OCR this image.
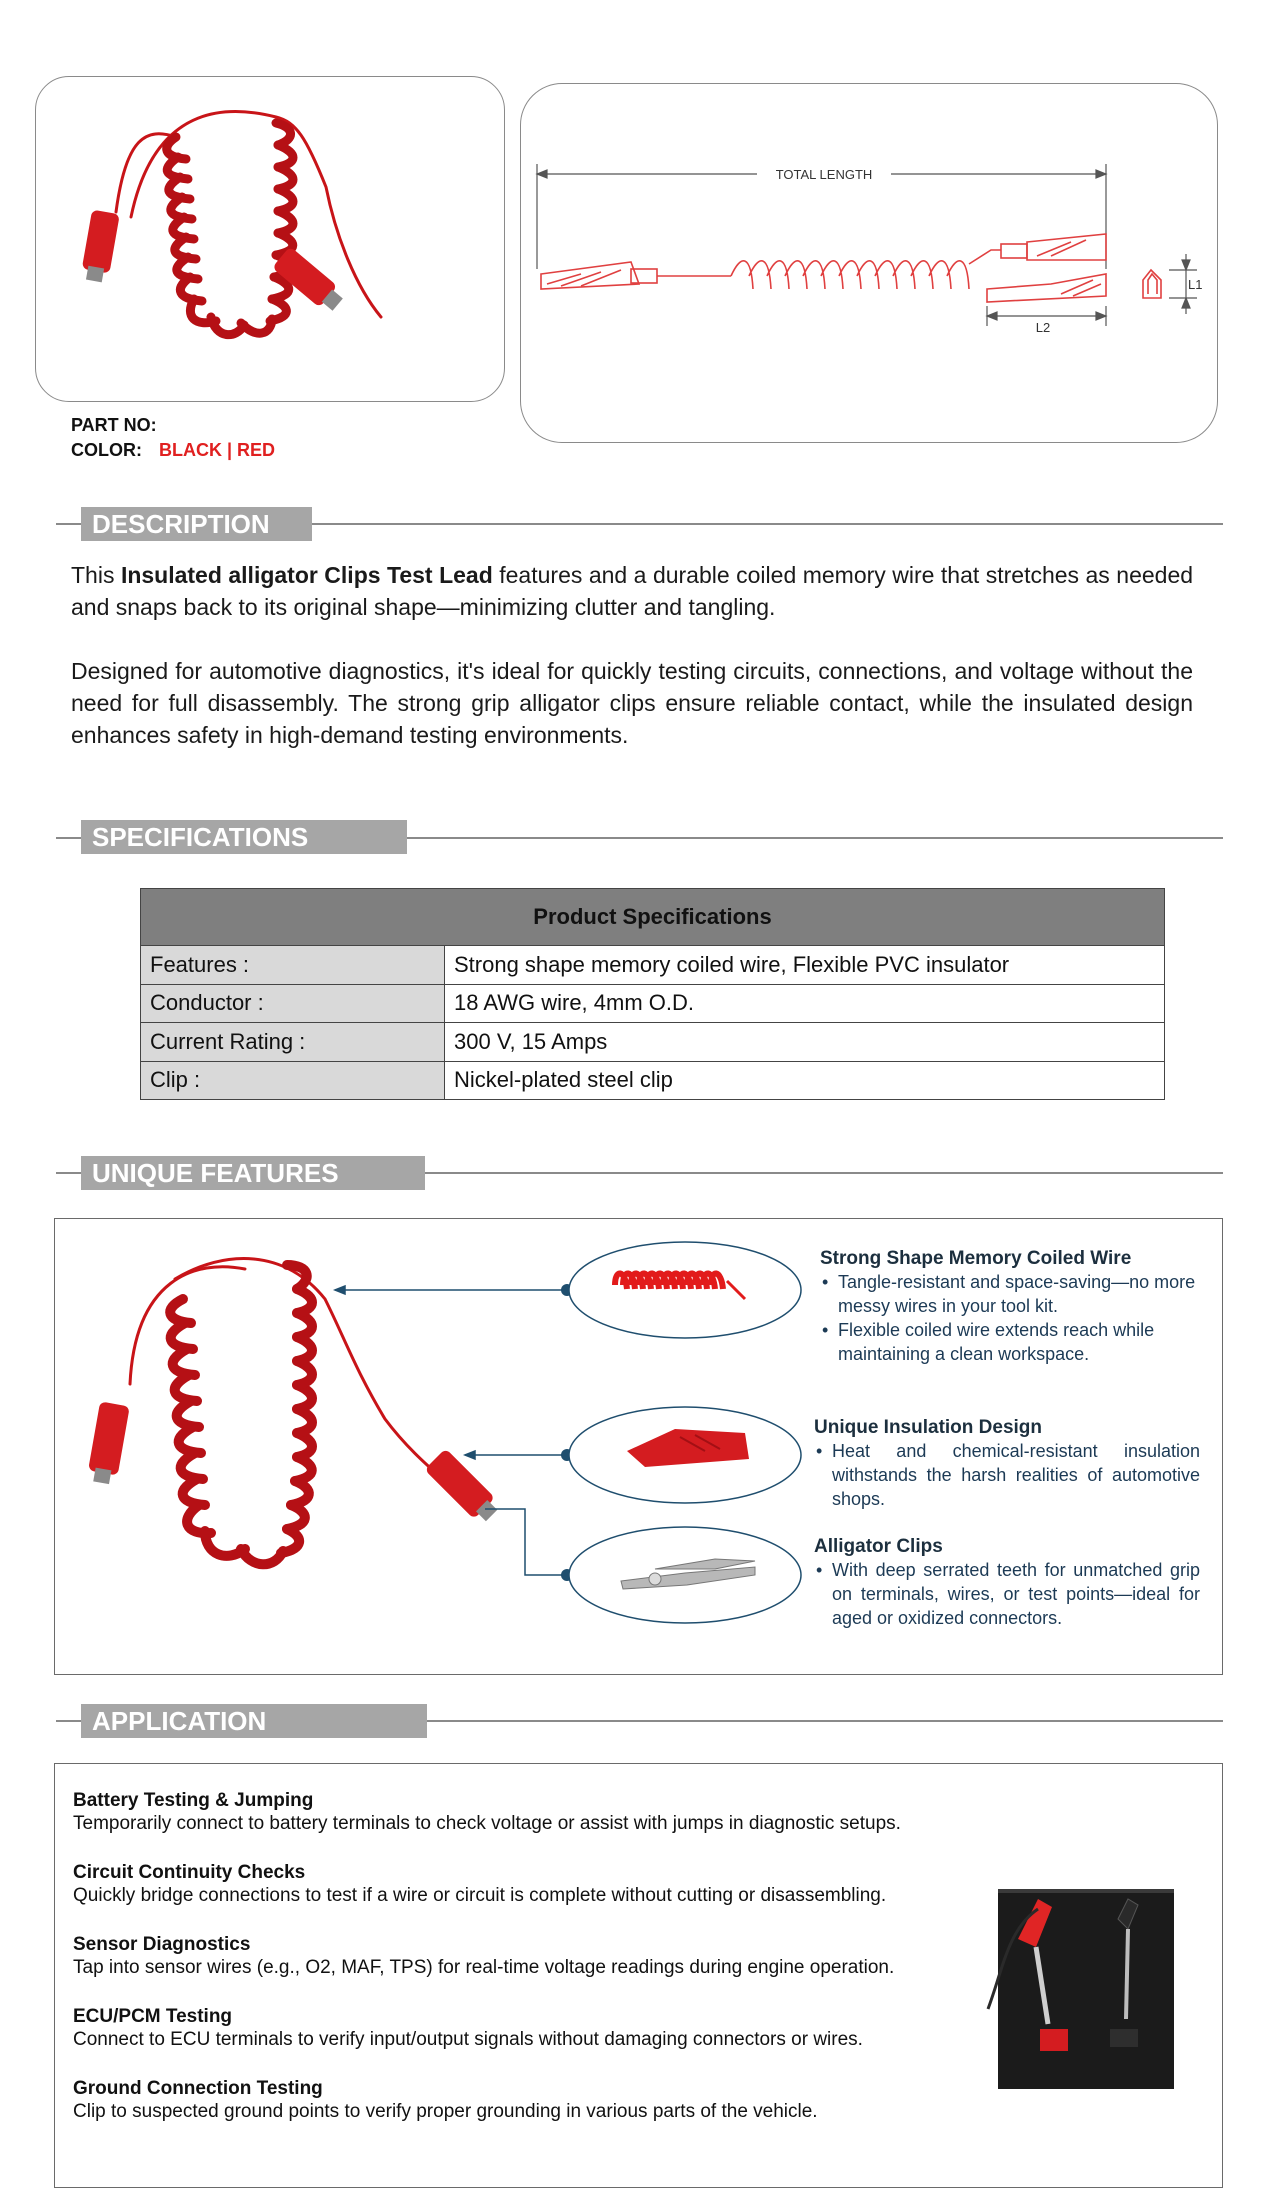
TOTAL LENGTH
L2
L1
PART NO:
COLOR: BLACK | RED
DESCRIPTION
This Insulated alligator Clips Test Lead features and a durable coiled memory wire that stretches as needed and snaps back to its original shape—minimizing clutter and tangling.
Designed for automotive diagnostics, it's ideal for quickly testing circuits, connections, and voltage without the need for full disassembly. The strong grip alligator clips ensure reliable contact, while the insulated design enhances safety in high-demand testing environments.
SPECIFICATIONS
Product Specifications	
Features :	Strong shape memory coiled wire, Flexible PVC insulator
Conductor :	18 AWG wire, 4mm O.D.
Current Rating :	300 V, 15 Amps
Clip :	Nickel-plated steel clip
UNIQUE FEATURES
Strong Shape Memory Coiled Wire
• Tangle-resistant and space-saving—no more messy wires in your tool kit.
• Flexible coiled wire extends reach while maintaining a clean workspace.
Unique Insulation Design
• Heat and chemical-resistant insulation withstands the harsh realities of automotive shops.
Alligator Clips
• With deep serrated teeth for unmatched grip on terminals, wires, or test points—ideal for aged or oxidized connectors.
APPLICATION
Battery Testing & Jumping
Temporarily connect to battery terminals to check voltage or assist with jumps in diagnostic setups.
Circuit Continuity Checks
Quickly bridge connections to test if a wire or circuit is complete without cutting or disassembling.
Sensor Diagnostics
Tap into sensor wires (e.g., O2, MAF, TPS) for real-time voltage readings during engine operation.
ECU/PCM Testing
Connect to ECU terminals to verify input/output signals without damaging connectors or wires.
Ground Connection Testing
Clip to suspected ground points to verify proper grounding in various parts of the vehicle.
